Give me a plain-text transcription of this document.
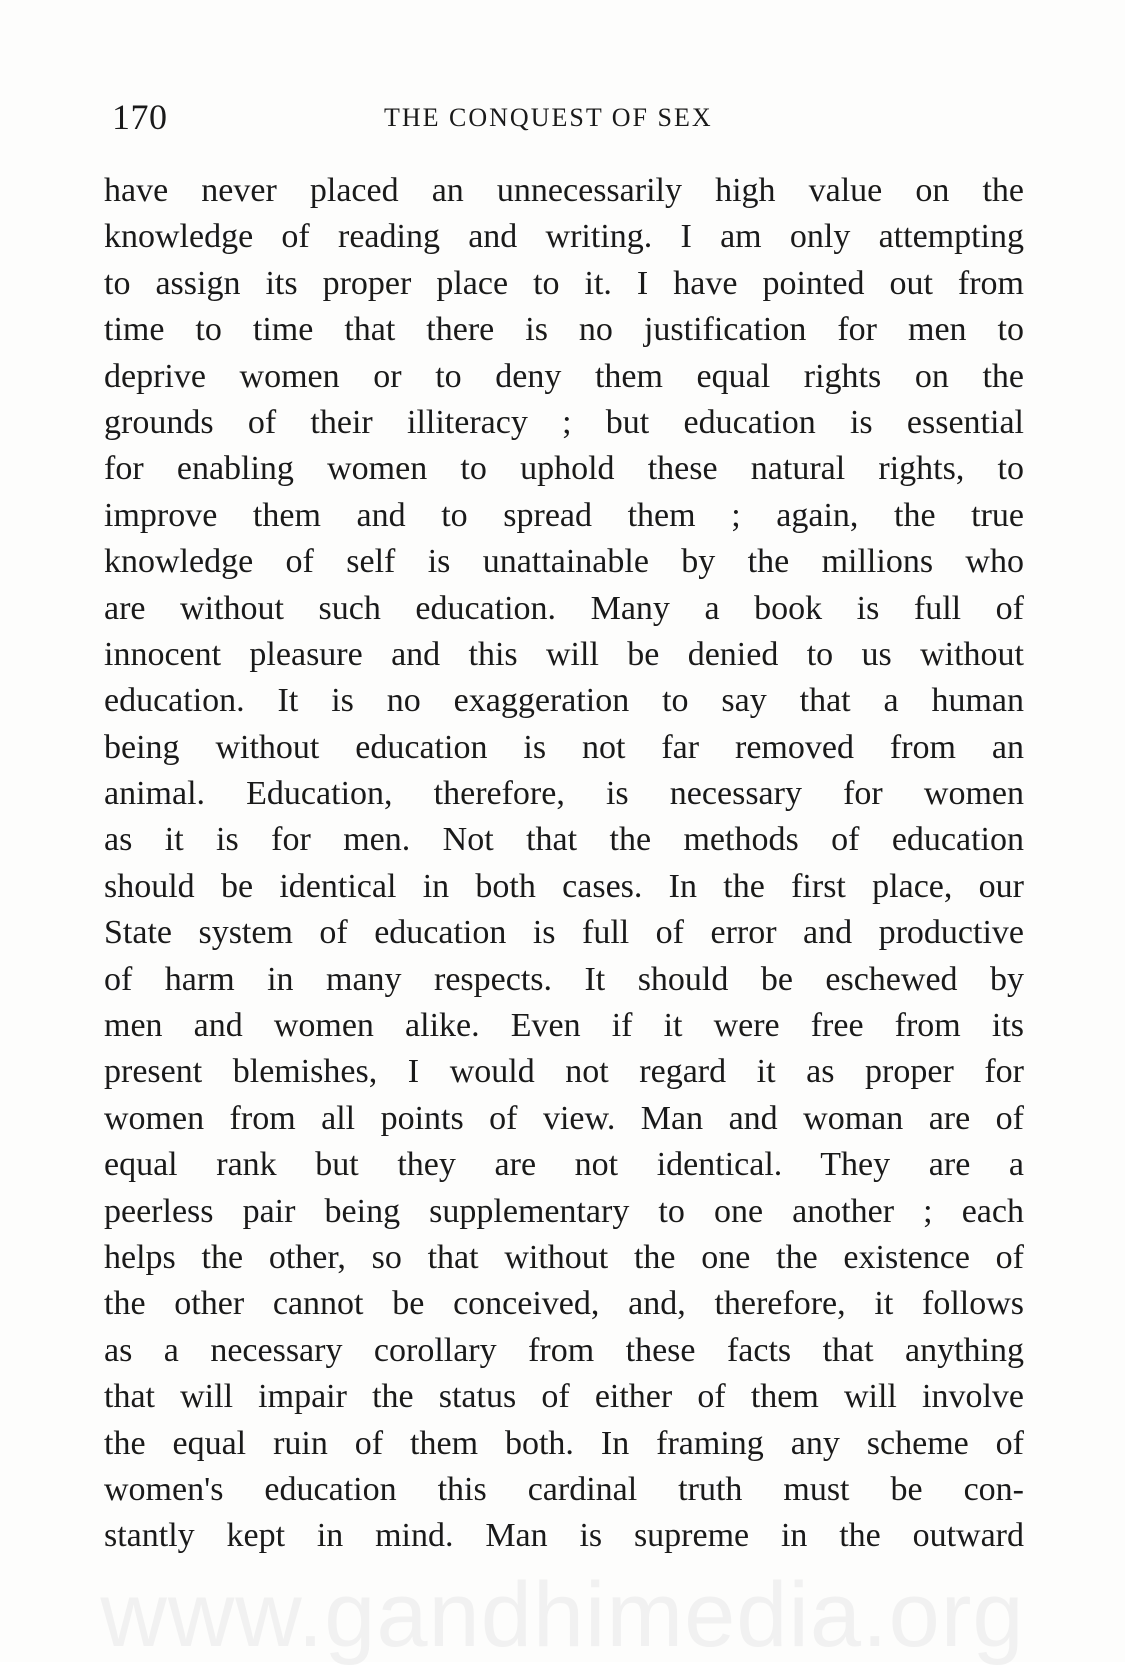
170	THE CONQUEST OF SEX
have never placed an unnecessarily high value on the
knowledge of reading and writing. I am only attempting
to assign its proper place to it. I have pointed out from
time to time that there is no justification for men to
deprive women or to deny them equal rights on the
grounds of their illiteracy ; but education is essential
for enabling women to uphold these natural rights, to
improve them and to spread them ; again, the true
knowledge of self is unattainable by the millions who
are without such education. Many a book is full of
innocent pleasure and this will be denied to us without
education. It is no exaggeration to say that a human
being without education is not far removed from an
animal. Education, therefore, is necessary for women
as it is for men. Not that the methods of education
should be identical in both cases. In the first place, our
State system of education is full of error and productive
of harm in many respects. It should be eschewed by
men and women alike. Even if it were free from its
present blemishes, I would not regard it as proper for
women from all points of view. Man and woman are of
equal rank but they are not identical. They are a
peerless pair being supplementary to one another ; each
helps the other, so that without the one the existence of
the other cannot be conceived, and, therefore, it follows
as a necessary corollary from these facts that anything
that will impair the status of either of them will involve
the equal ruin of them both. In framing any scheme of
women's education this cardinal truth must be con-
stantly kept in mind. Man is supreme in the outward
www.gandhimedia.org
